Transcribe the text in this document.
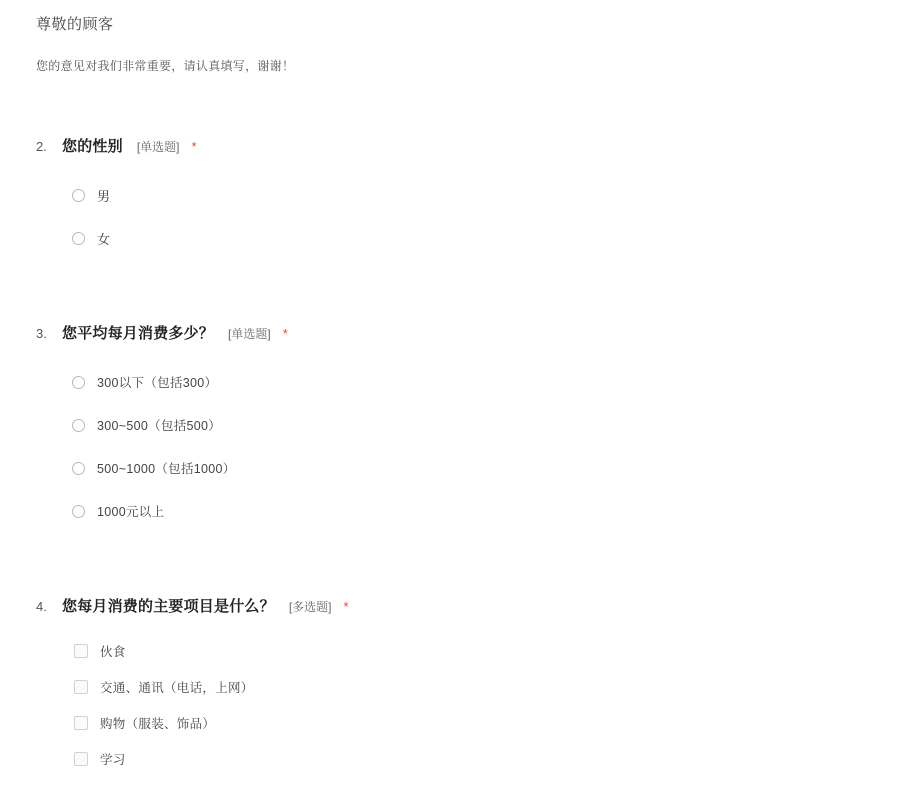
尊敬的顾客
您的意见对我们非常重要，请认真填写，谢谢！
2.	您的性别 [单选题] *
男
女
3.	您平均每月消费多少？ [单选题] *
300以下（包括300）
300~500（包括500）
500~1000（包括1000）
1000元以上
4.	您每月消费的主要项目是什么？ [多选题] *
伙食
交通、通讯（电话，上网）
购物（服装、饰品）
学习
